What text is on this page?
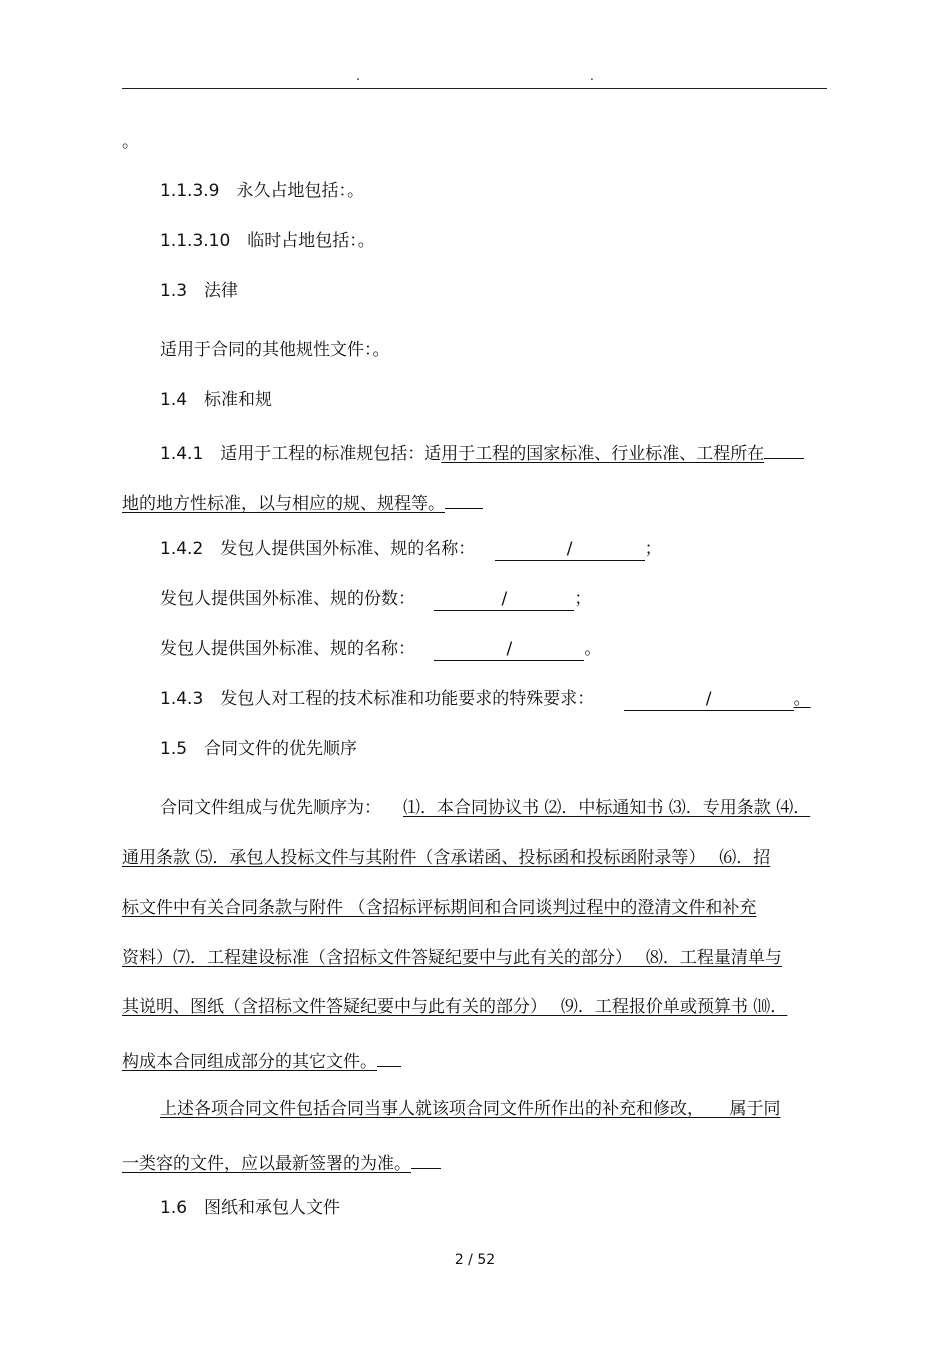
.	.
。
1.1.3.9　永久占地包括：。
1.1.3.10　临时占地包括：。
1.3　法律
适用于合同的其他规性文件：。
1.4　标准和规
1.4.1　适用于工程的标准规包括：适用于工程的国家标准、行业标准、工程所在
地的地方性标准，以与相应的规、规程等。
1.4.2　发包人提供国外标准、规的名称：	/	；
发包人提供国外标准、规的份数：	/	；
发包人提供国外标准、规的名称：	/	。
1.4.3　发包人对工程的技术标准和功能要求的特殊要求：	/	。
1.5　合同文件的优先顺序
合同文件组成与优先顺序为： ⑴．本合同协议书 ⑵．中标通知书 ⑶．专用条款 ⑷．
通用条款 ⑸．承包人投标文件与其附件（含承诺函、投标函和投标函附录等）　 ⑹．招
标文件中有关合同条款与附件 （含招标评标期间和合同谈判过程中的澄清文件和补充
资料）⑺．工程建设标准（含招标文件答疑纪要中与此有关的部分）　 ⑻．工程量清单与
其说明、图纸（含招标文件答疑纪要中与此有关的部分）　 ⑼．工程报价单或预算书 ⑽．
构成本合同组成部分的其它文件。
上述各项合同文件包括合同当事人就该项合同文件所作出的补充和修改，　　属于同
一类容的文件，应以最新签署的为准。
1.6　图纸和承包人文件
2 / 52
